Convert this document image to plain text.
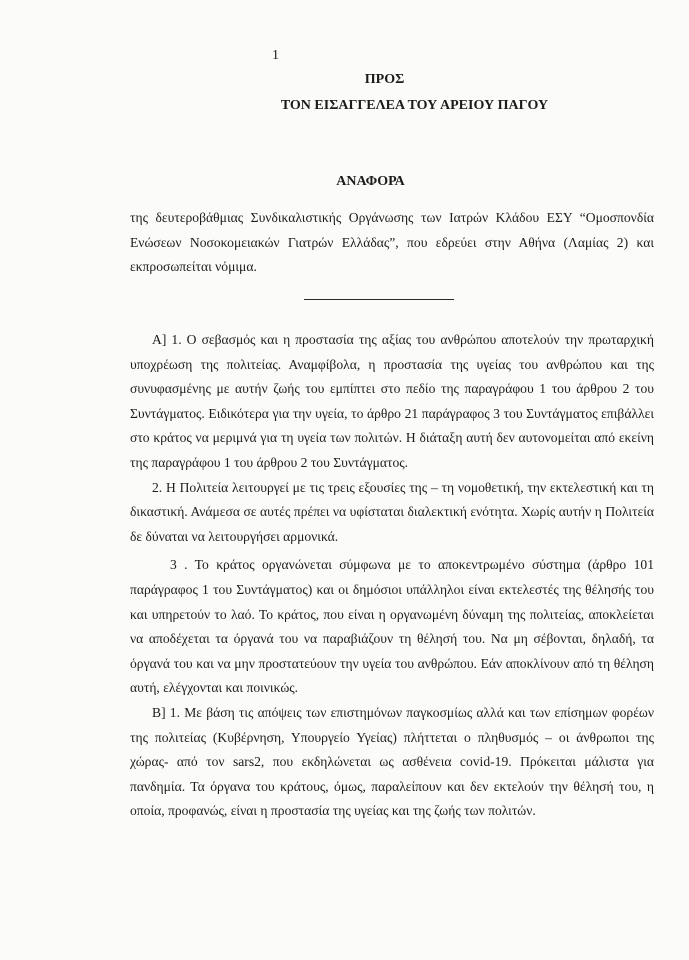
1
ΠΡΟΣ
ΤΟΝ ΕΙΣΑΓΓΕΛΕΑ ΤΟΥ ΑΡΕΙΟΥ ΠΑΓΟΥ
ΑΝΑΦΟΡΑ

της δευτεροβάθμιας Συνδικαλιστικής Οργάνωσης των Ιατρών Κλάδου ΕΣΥ “Ομοσπονδία Ενώσεων Νοσοκομειακών Γιατρών Ελλάδας”, που εδρεύει στην Αθήνα (Λαμίας 2) και εκπροσωπείται νόμιμα.

Α] 1. Ο σεβασμός και η προστασία της αξίας του ανθρώπου αποτελούν την πρωταρχική υποχρέωση της πολιτείας. Αναμφίβολα, η προστασία της υγείας του ανθρώπου και της συνυφασμένης με αυτήν ζωής του εμπίπτει στο πεδίο της παραγράφου 1 του άρθρου 2 του Συντάγματος. Ειδικότερα για την υγεία, το άρθρο 21 παράγραφος 3 του Συντάγματος επιβάλλει στο κράτος να μεριμνά για τη υγεία των πολιτών. Η διάταξη αυτή δεν αυτονομείται από εκείνη της παραγράφου 1 του άρθρου 2 του Συντάγματος.

2. Η Πολιτεία λειτουργεί με τις τρεις εξουσίες της – τη νομοθετική, την εκτελεστική και τη δικαστική. Ανάμεσα σε αυτές πρέπει να υφίσταται διαλεκτική ενότητα. Χωρίς αυτήν η Πολιτεία δε δύναται να λειτουργήσει αρμονικά.

3 . Το κράτος οργανώνεται σύμφωνα με το αποκεντρωμένο σύστημα (άρθρο 101 παράγραφος 1 του Συντάγματος) και οι δημόσιοι υπάλληλοι είναι εκτελεστές της θέλησής του και υπηρετούν το λαό. Το κράτος, που είναι η οργανωμένη δύναμη της πολιτείας, αποκλείεται να αποδέχεται τα όργανά του να παραβιάζουν τη θέλησή του. Να μη σέβονται, δηλαδή, τα όργανά του και να μην προστατεύουν την υγεία του ανθρώπου. Εάν αποκλίνουν από τη θέληση αυτή, ελέγχονται και ποινικώς.

Β] 1. Με βάση τις απόψεις των επιστημόνων παγκοσμίως αλλά και των επίσημων φορέων της πολιτείας (Κυβέρνηση, Υπουργείο Υγείας) πλήττεται ο πληθυσμός – οι άνθρωποι της χώρας- από τον sars2, που εκδηλώνεται ως ασθένεια covid-19. Πρόκειται μάλιστα για πανδημία. Τα όργανα του κράτους, όμως, παραλείπουν και δεν εκτελούν την θέλησή του, η οποία, προφανώς, είναι η προστασία της υγείας και της ζωής των πολιτών.
